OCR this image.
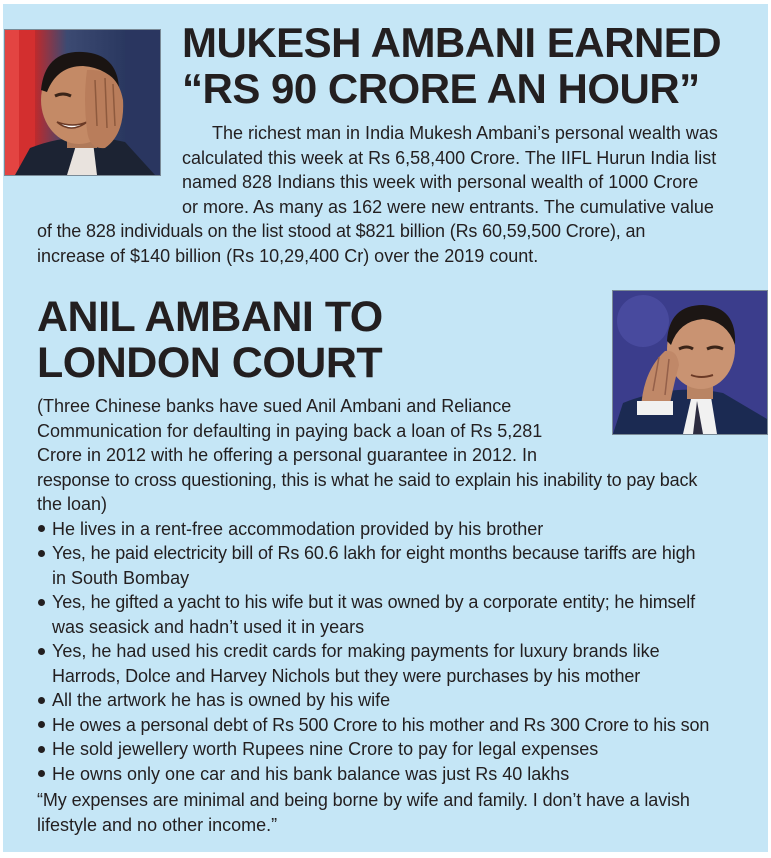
MUKESH AMBANI EARNED
“RS 90 CRORE AN HOUR”
The richest man in India Mukesh Ambani’s personal wealth was
calculated this week at Rs 6,58,400 Crore. The IIFL Hurun India list
named 828 Indians this week with personal wealth of 1000 Crore
or more. As many as 162 were new entrants. The cumulative value
of the 828 individuals on the list stood at $821 billion (Rs 60,59,500 Crore), an
increase of $140 billion (Rs 10,29,400 Cr) over the 2019 count.
ANIL AMBANI TO
LONDON COURT
(Three Chinese banks have sued Anil Ambani and Reliance
Communication for defaulting in paying back a loan of Rs 5,281
Crore in 2012 with he offering a personal guarantee in 2012. In
response to cross questioning, this is what he said to explain his inability to pay back
the loan)
He lives in a rent-free accommodation provided by his brother
Yes, he paid electricity bill of Rs 60.6 lakh for eight months because tariffs are high
in South Bombay
Yes, he gifted a yacht to his wife but it was owned by a corporate entity; he himself
was seasick and hadn’t used it in years
Yes, he had used his credit cards for making payments for luxury brands like
Harrods, Dolce and Harvey Nichols but they were purchases by his mother
All the artwork he has is owned by his wife
He owes a personal debt of Rs 500 Crore to his mother and Rs 300 Crore to his son
He sold jewellery worth Rupees nine Crore to pay for legal expenses
He owns only one car and his bank balance was just Rs 40 lakhs
“My expenses are minimal and being borne by wife and family. I don’t have a lavish
lifestyle and no other income.”
